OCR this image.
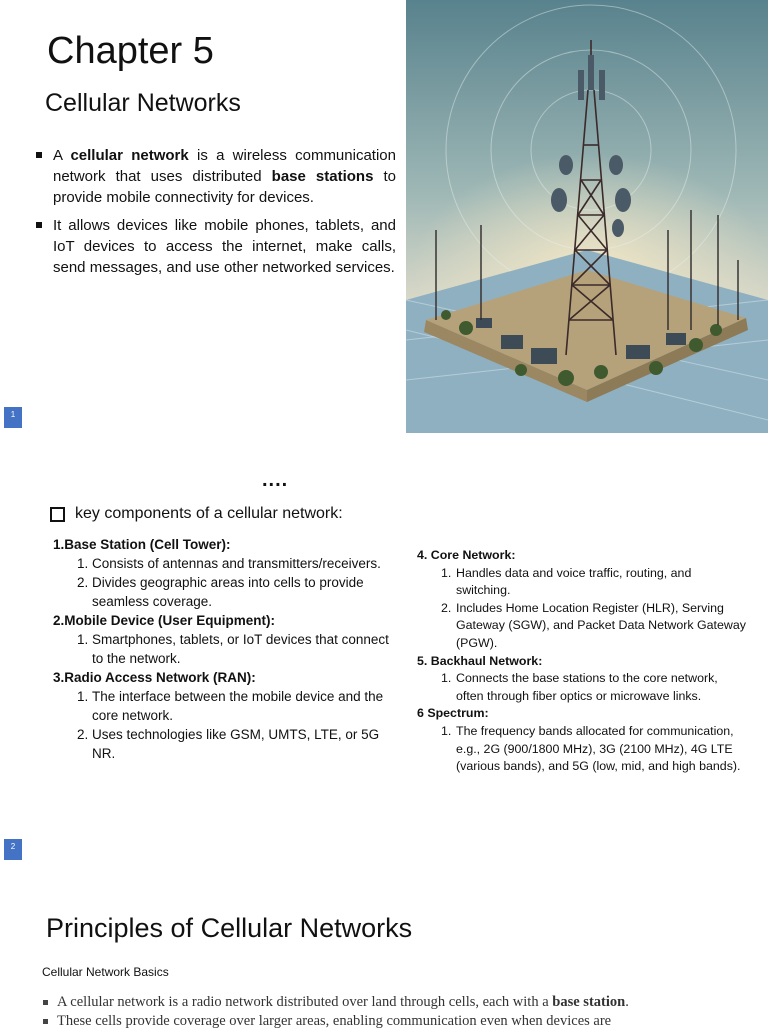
Chapter 5
Cellular Networks
A cellular network is a wireless communication network that uses distributed base stations to provide mobile connectivity for devices.
It allows devices like mobile phones, tablets, and IoT devices to access the internet, make calls, send messages, and use other networked services.
1
....
key components of a cellular network:
1.Base Station (Cell Tower):
1. Consists of antennas and transmitters/receivers.
2. Divides geographic areas into cells to provide seamless coverage.
2.Mobile Device (User Equipment):
1. Smartphones, tablets, or IoT devices that connect to the network.
3.Radio Access Network (RAN):
1. The interface between the mobile device and the core network.
2. Uses technologies like GSM, UMTS, LTE, or 5G NR.
4. Core Network:
1. Handles data and voice traffic, routing, and switching.
2. Includes Home Location Register (HLR), Serving Gateway (SGW), and Packet Data Network Gateway (PGW).
5. Backhaul Network:
1. Connects the base stations to the core network, often through fiber optics or microwave links.
6 Spectrum:
1. The frequency bands allocated for communication, e.g., 2G (900/1800 MHz), 3G (2100 MHz), 4G LTE (various bands), and 5G (low, mid, and high bands).
2
Principles of Cellular Networks
Cellular Network Basics
A cellular network is a radio network distributed over land through cells, each with a base station.
These cells provide coverage over larger areas, enabling communication even when devices are
